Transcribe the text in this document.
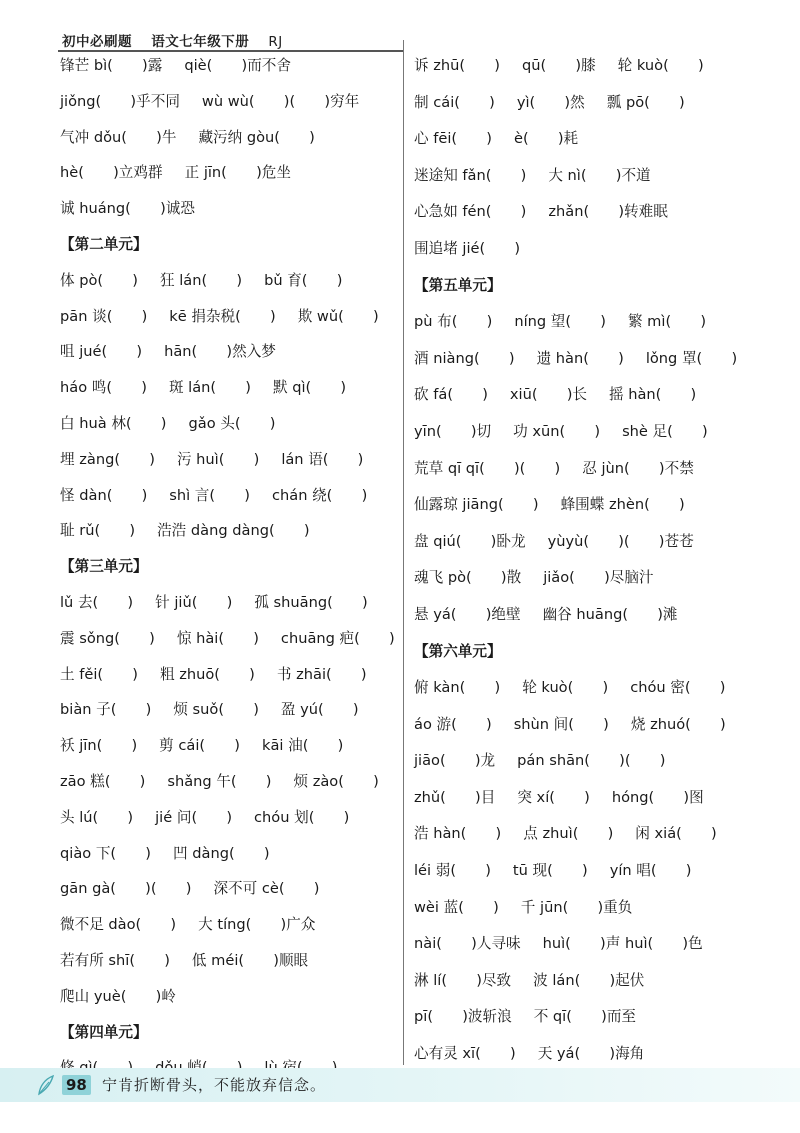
初中必刷题 语文七年级下册 RJ
锋芒 bì(　　)露 qiè(　　)而不舍
jiǒng(　　)乎不同 wù wù(　　)(　　)穷年
气冲 dǒu(　　)牛 藏污纳 gòu(　　)
hè(　　)立鸡群 正 jīn(　　)危坐
诚 huáng(　　)诚恐
【第二单元】
体 pò(　　) 狂 lán(　　) bǔ 育(　　)
pān 谈(　　) kē 捐杂税(　　) 欺 wǔ(　　)
咀 jué(　　) hān(　　)然入梦
háo 鸣(　　) 斑 lán(　　) 默 qì(　　)
白 huà 林(　　) gǎo 头(　　)
埋 zàng(　　) 污 huì(　　) lán 语(　　)
怪 dàn(　　) shì 言(　　) chán 绕(　　)
耻 rǔ(　　) 浩浩 dàng dàng(　　)
【第三单元】
lǔ 去(　　) 针 jiǔ(　　) 孤 shuāng(　　)
震 sǒng(　　) 惊 hài(　　) chuāng 疤(　　)
土 fěi(　　) 粗 zhuō(　　) 书 zhāi(　　)
biàn 子(　　) 烦 suǒ(　　) 盈 yú(　　)
袄 jīn(　　) 剪 cái(　　) kāi 油(　　)
zāo 糕(　　) shǎng 午(　　) 烦 zào(　　)
头 lú(　　) jié 问(　　) chóu 划(　　)
qiào 下(　　) 凹 dàng(　　)
gān gà(　　)(　　) 深不可 cè(　　)
微不足 dào(　　) 大 tíng(　　)广众
若有所 shī(　　) 低 méi(　　)顺眼
爬山 yuè(　　)岭
【第四单元】
诉 zhū(　　) qū(　　)膝 轮 kuò(　　)
制 cái(　　) yì(　　)然 瓢 pō(　　)
心 fēi(　　) è(　　)耗
迷途知 fǎn(　　) 大 nì(　　)不道
心急如 fén(　　) zhǎn(　　)转难眠
围追堵 jié(　　)
【第五单元】
pù 布(　　) níng 望(　　) 繁 mì(　　)
酒 niàng(　　) 遗 hàn(　　) lǒng 罩(　　)
砍 fá(　　) xiū(　　)长 摇 hàn(　　)
yīn(　　)切 功 xūn(　　) shè 足(　　)
荒草 qī qī(　　)(　　) 忍 jùn(　　)不禁
仙露琼 jiāng(　　) 蜂围蝶 zhèn(　　)
盘 qiú(　　)卧龙 yùyù(　　)(　　)苍苍
魂飞 pò(　　)散 jiǎo(　　)尽脑汁
悬 yá(　　)绝壁 幽谷 huāng(　　)滩
【第六单元】
俯 kàn(　　) 轮 kuò(　　) chóu 密(　　)
áo 游(　　) shùn 间(　　) 烧 zhuó(　　)
jiāo(　　)龙 pán shān(　　)(　　)
zhǔ(　　)目 突 xí(　　) hóng(　　)图
浩 hàn(　　) 点 zhuì(　　) 闲 xiá(　　)
léi 弱(　　) tū 现(　　) yín 唱(　　)
wèi 蓝(　　) 千 jūn(　　)重负
nài(　　)人寻味 huì(　　)声 huì(　　)色
淋 lí(　　)尽致 波 lán(　　)起伏
pī(　　)波斩浪 不 qī(　　)而至
心有灵 xī(　　) 天 yá(　　)海角
98 宁肯折断骨头，不能放弃信念。
